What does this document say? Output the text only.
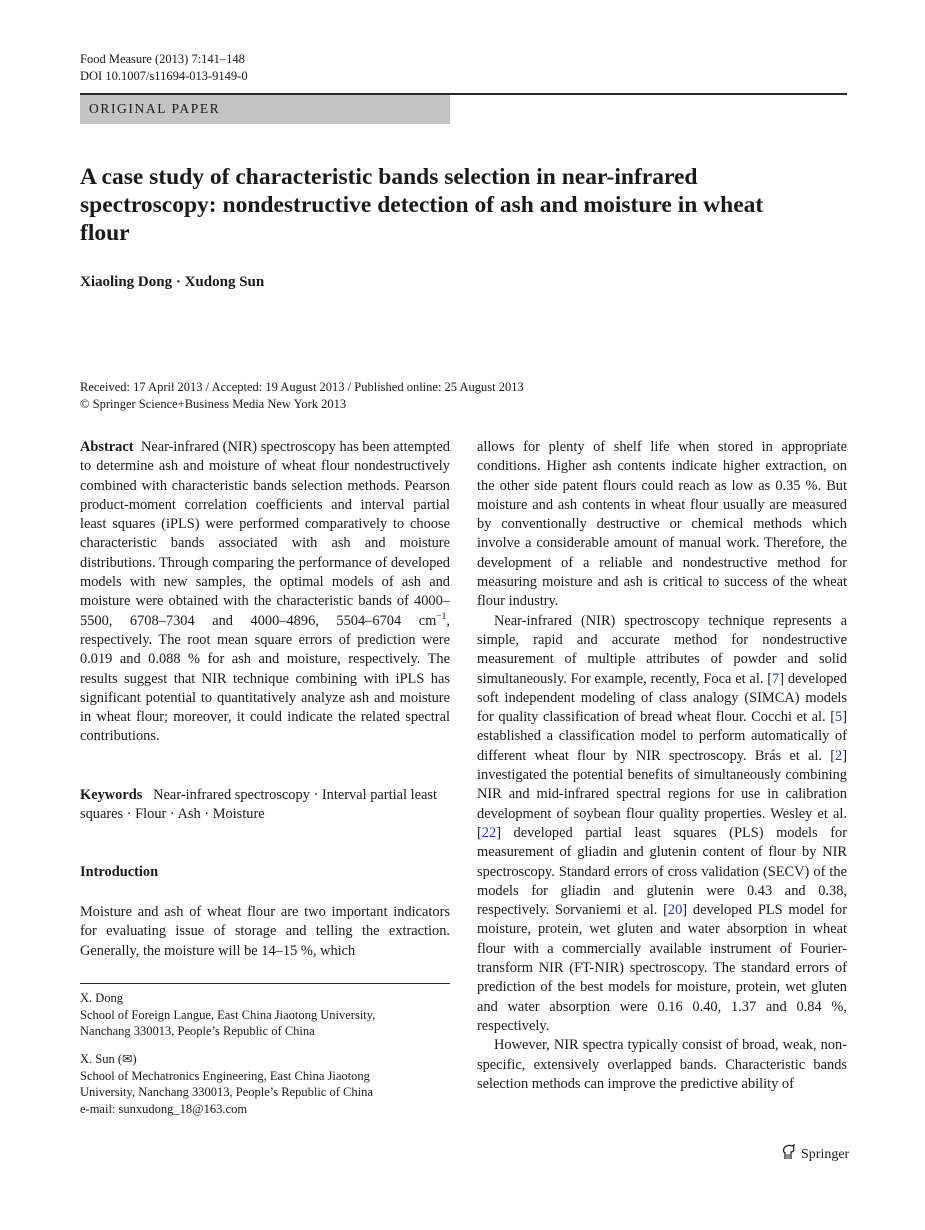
Food Measure (2013) 7:141–148
DOI 10.1007/s11694-013-9149-0
ORIGINAL PAPER
A case study of characteristic bands selection in near-infrared spectroscopy: nondestructive detection of ash and moisture in wheat flour
Xiaoling Dong · Xudong Sun
Received: 17 April 2013 / Accepted: 19 August 2013 / Published online: 25 August 2013
© Springer Science+Business Media New York 2013

Abstract Near-infrared (NIR) spectroscopy has been attempted to determine ash and moisture of wheat flour nondestructively combined with characteristic bands selection methods. Pearson product-moment correlation coefficients and interval partial least squares (iPLS) were performed comparatively to choose characteristic bands associated with ash and moisture distributions. Through comparing the performance of developed models with new samples, the optimal models of ash and moisture were obtained with the characteristic bands of 4000–5500, 6708–7304 and 4000–4896, 5504–6704 $cm^{-1}$, respectively. The root mean square errors of prediction were 0.019 and 0.088 % for ash and moisture, respectively. The results suggest that NIR technique combining with iPLS has significant potential to quantitatively analyze ash and moisture in wheat flour; moreover, it could indicate the related spectral contributions.

Keywords Near-infrared spectroscopy · Interval partial least squares · Flour · Ash · Moisture
Introduction

Moisture and ash of wheat flour are two important indicators for evaluating issue of storage and telling the extraction. Generally, the moisture will be 14–15 %, which

X. Dong
School of Foreign Langue, East China Jiaotong University,
Nanchang 330013, People’s Republic of China
X. Sun (✉)
School of Mechatronics Engineering, East China Jiaotong
University, Nanchang 330013, People’s Republic of China
e-mail: sunxudong_18@163.com

allows for plenty of shelf life when stored in appropriate conditions. Higher ash contents indicate higher extraction, on the other side patent flours could reach as low as 0.35 %. But moisture and ash contents in wheat flour usually are measured by conventionally destructive or chemical methods which involve a considerable amount of manual work. Therefore, the development of a reliable and nondestructive method for measuring moisture and ash is critical to success of the wheat flour industry.

Near-infrared (NIR) spectroscopy technique represents a simple, rapid and accurate method for nondestructive measurement of multiple attributes of powder and solid simultaneously. For example, recently, Foca et al. [7] developed soft independent modeling of class analogy (SIMCA) models for quality classification of bread wheat flour. Cocchi et al. [5] established a classification model to perform automatically of different wheat flour by NIR spectroscopy. Brás et al. [2] investigated the potential benefits of simultaneously combining NIR and mid-infrared spectral regions for use in calibration development of soybean flour quality properties. Wesley et al. [22] developed partial least squares (PLS) models for measurement of gliadin and glutenin content of flour by NIR spectroscopy. Standard errors of cross validation (SECV) of the models for gliadin and glutenin were 0.43 and 0.38, respectively. Sorvaniemi et al. [20] developed PLS model for moisture, protein, wet gluten and water absorption in wheat flour with a commercially available instrument of Fourier-transform NIR (FT-NIR) spectroscopy. The standard errors of prediction of the best models for moisture, protein, wet gluten and water absorption were 0.16 0.40, 1.37 and 0.84 %, respectively.

However, NIR spectra typically consist of broad, weak, non-specific, extensively overlapped bands. Characteristic bands selection methods can improve the predictive ability of

Springer
